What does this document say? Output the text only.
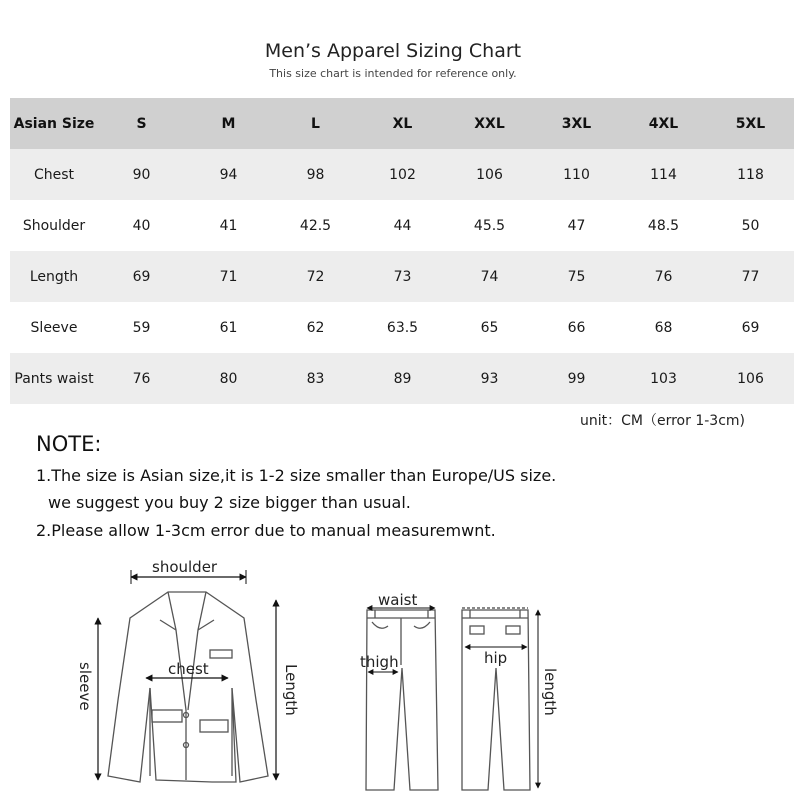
Men’s Apparel Sizing Chart
This size chart is intended for reference only.
Asian Size	S	M	L	XL	XXL	3XL	4XL	5XL
Chest	90	94	98	102	106	110	114	118
Shoulder	40	41	42.5	44	45.5	47	48.5	50
Length	69	71	72	73	74	75	76	77
Sleeve	59	61	62	63.5	65	66	68	69
Pants waist	76	80	83	89	93	99	103	106
unit：CM（error 1-3cm)
NOTE:
1.The size is Asian size,it is 1-2 size smaller than Europe/US size.
we suggest you buy 2 size bigger than usual.
2.Please allow 1-3cm error due to manual measuremwnt.
shoulder
chest
sleeve	Length
waist
thigh	hip
length
